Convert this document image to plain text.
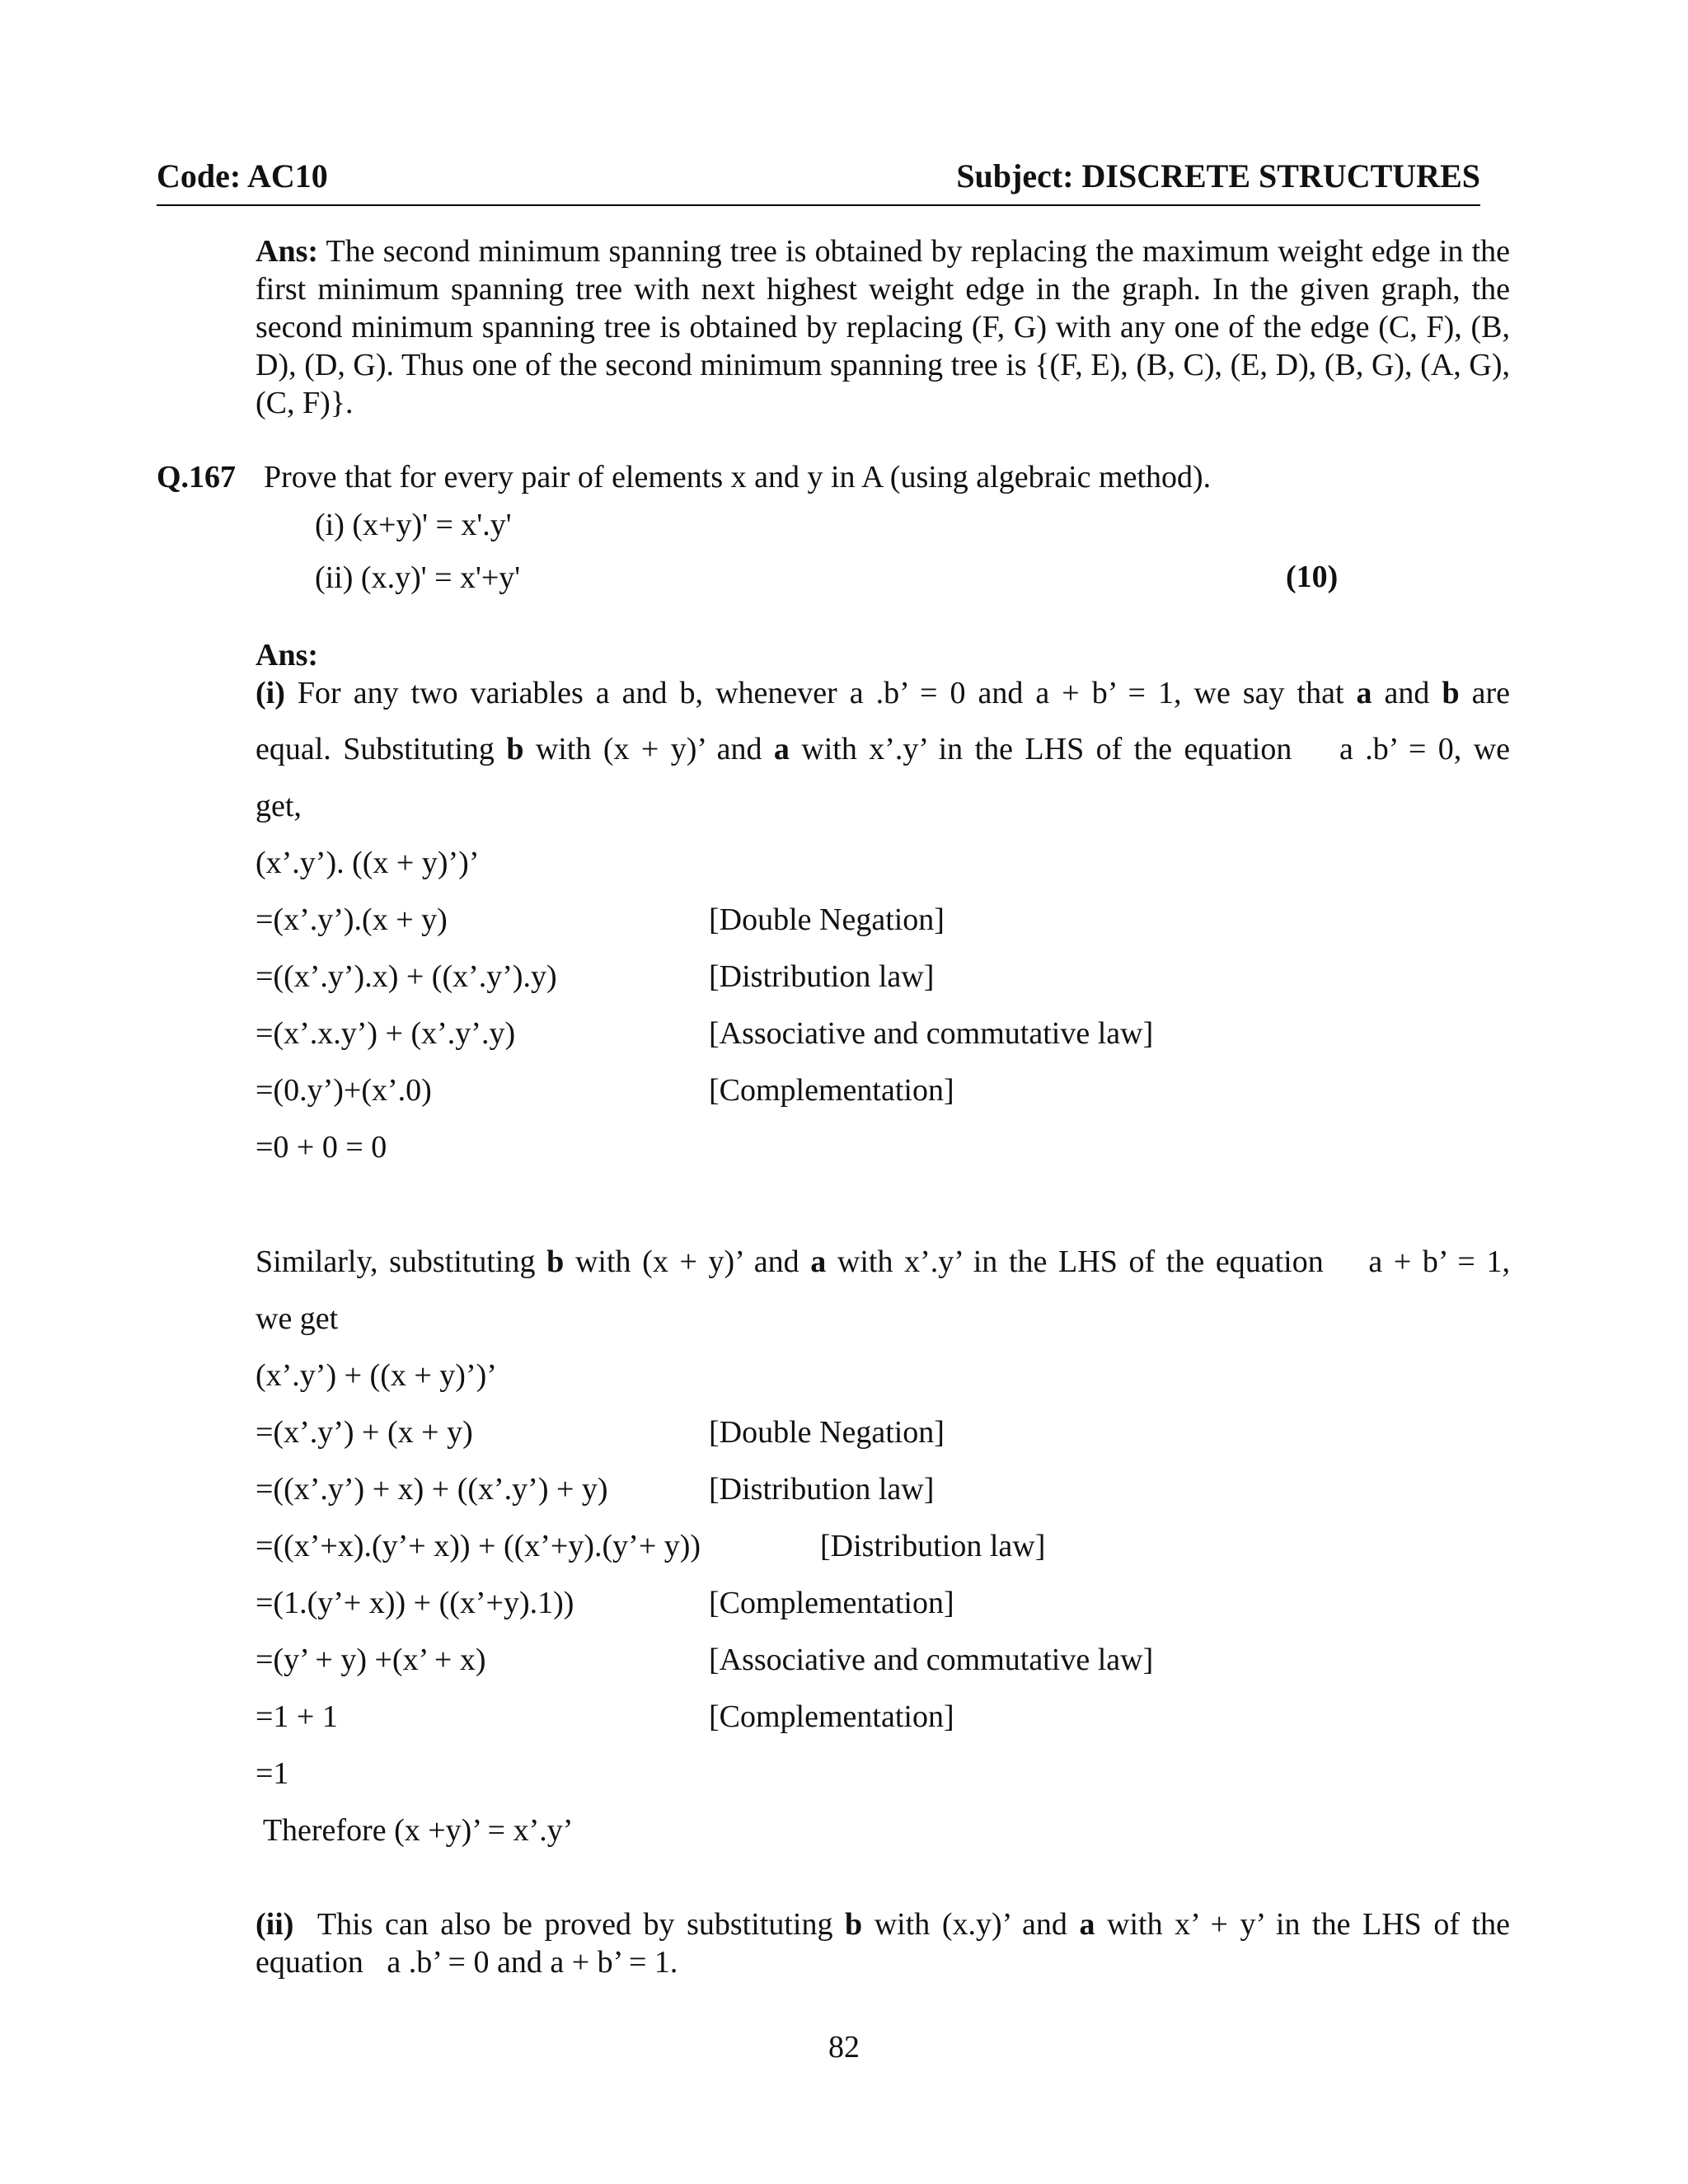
Code: AC10	Subject: DISCRETE STRUCTURES
Ans: The second minimum spanning tree is obtained by replacing the maximum weight edge in the first minimum spanning tree with next highest weight edge in the graph. In the given graph, the second minimum spanning tree is obtained by replacing (F, G) with any one of the edge (C, F), (B, D), (D, G). Thus one of the second minimum spanning tree is {(F, E), (B, C), (E, D), (B, G), (A, G), (C, F)}.
Q.167 Prove that for every pair of elements x and y in A (using algebraic method).
(i) (x+y)' = x'.y'
(ii) (x.y)' = x'+y'	(10)
Ans:
(i) For any two variables a and b, whenever a .b’ = 0 and a + b’ = 1, we say that a and b are
equal. Substituting b with (x + y)’ and a with x’.y’ in the LHS of the equation    a .b’ = 0, we
get,
(x’.y’). ((x + y)’)’
=(x’.y’).(x + y)	[Double Negation]
=((x’.y’).x) + ((x’.y’).y)	[Distribution law]
=(x’.x.y’) + (x’.y’.y)	[Associative and commutative law]
=(0.y’)+(x’.0)	[Complementation]
=0 + 0 = 0
Similarly, substituting b with (x + y)’ and a with x’.y’ in the LHS of the equation    a + b’ = 1,
we get
(x’.y’) + ((x + y)’)’
=(x’.y’) + (x + y)	[Double Negation]
=((x’.y’) + x) + ((x’.y’) + y)	[Distribution law]
=((x’+x).(y’+ x)) + ((x’+y).(y’+ y))	[Distribution law]
=(1.(y’+ x)) + ((x’+y).1))	[Complementation]
=(y’ + y) +(x’ + x)	[Associative and commutative law]
=1 + 1	[Complementation]
=1
Therefore (x +y)’ = x’.y’
(ii)  This can also be proved by substituting b with (x.y)’ and a with x’ + y’ in the LHS of the
equation   a .b’ = 0 and a + b’ = 1.
82
